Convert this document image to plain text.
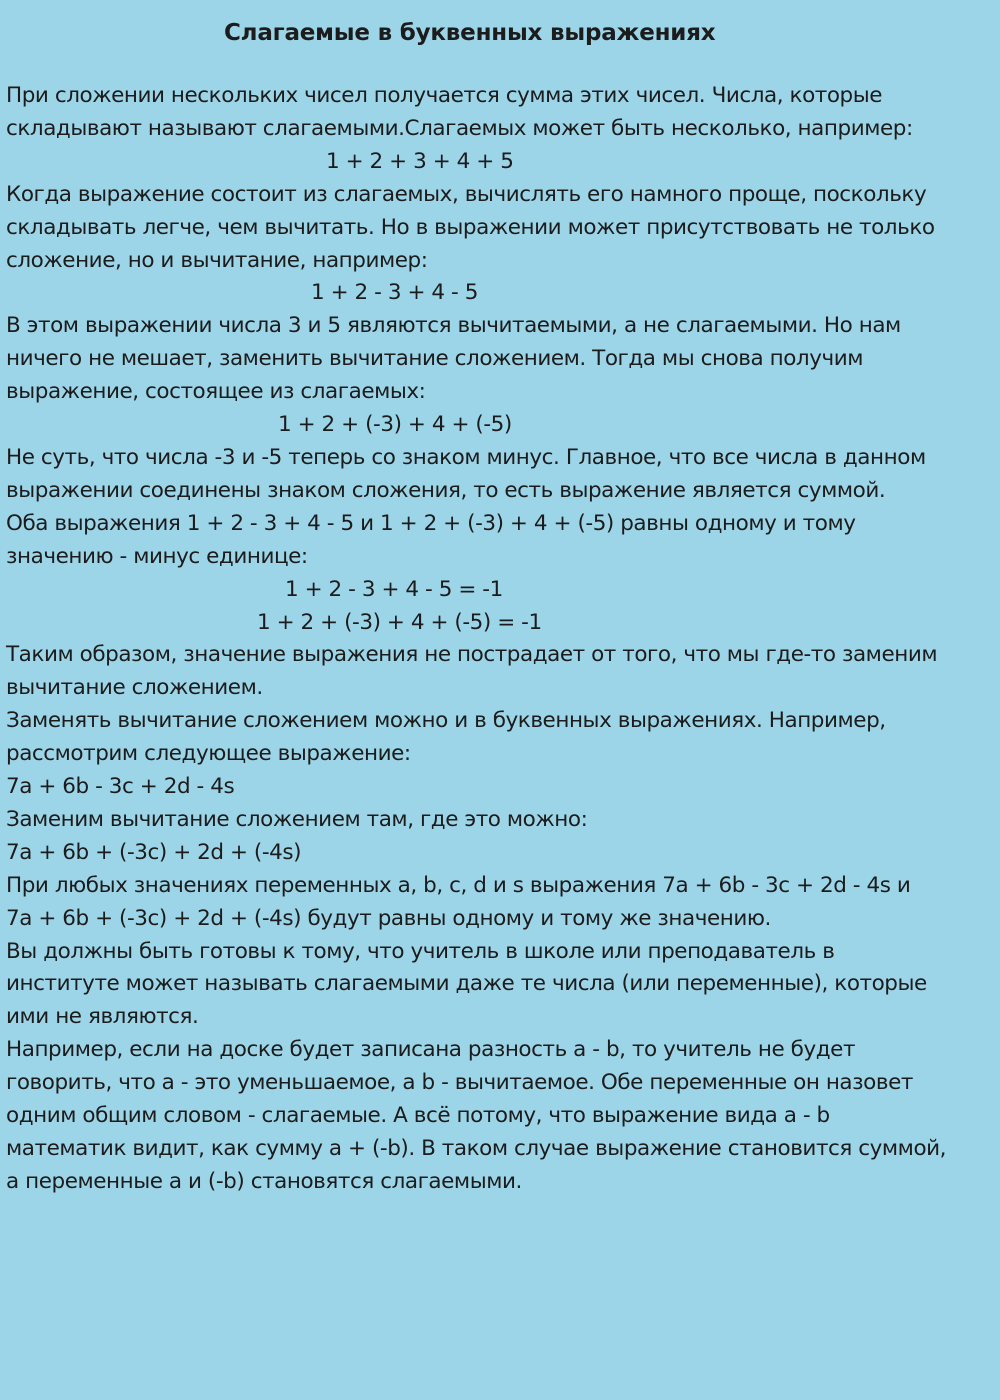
Слагаемые в буквенных выражениях
При сложении нескольких чисел получается сумма этих чисел. Числа, которые
складывают называют слагаемыми.Слагаемых может быть несколько, например:
1 + 2 + 3 + 4 + 5
Когда выражение состоит из слагаемых, вычислять его намного проще, поскольку
складывать легче, чем вычитать. Но в выражении может присутствовать не только
сложение, но и вычитание, например:
1 + 2 - 3 + 4 - 5
В этом выражении числа 3 и 5 являются вычитаемыми, а не слагаемыми. Но нам
ничего не мешает, заменить вычитание сложением. Тогда мы снова получим
выражение, состоящее из слагаемых:
1 + 2 + (-3) + 4 + (-5)
Не суть, что числа -3 и -5 теперь со знаком минус. Главное, что все числа в данном
выражении соединены знаком сложения, то есть выражение является суммой.
Оба выражения 1 + 2 - 3 + 4 - 5 и 1 + 2 + (-3) + 4 + (-5) равны одному и тому
значению - минус единице:
1 + 2 - 3 + 4 - 5 = -1
1 + 2 + (-3) + 4 + (-5) = -1
Таким образом, значение выражения не пострадает от того, что мы где-то заменим
вычитание сложением.
Заменять вычитание сложением можно и в буквенных выражениях. Например,
рассмотрим следующее выражение:
7a + 6b - 3c + 2d - 4s
Заменим вычитание сложением там, где это можно:
7a + 6b + (-3c) + 2d + (-4s)
При любых значениях переменных a, b, c, d и s выражения 7a + 6b - 3c + 2d - 4s и
7a + 6b + (-3c) + 2d + (-4s) будут равны одному и тому же значению.
Вы должны быть готовы к тому, что учитель в школе или преподаватель в
институте может называть слагаемыми даже те числа (или переменные), которые
ими не являются.
Например, если на доске будет записана разность a - b, то учитель не будет
говорить, что a - это уменьшаемое, a b - вычитаемое. Обе переменные он назовет
одним общим словом - слагаемые. А всё потому, что выражение вида a - b
математик видит, как сумму a + (-b). В таком случае выражение становится суммой,
а переменные a и (-b) становятся слагаемыми.
